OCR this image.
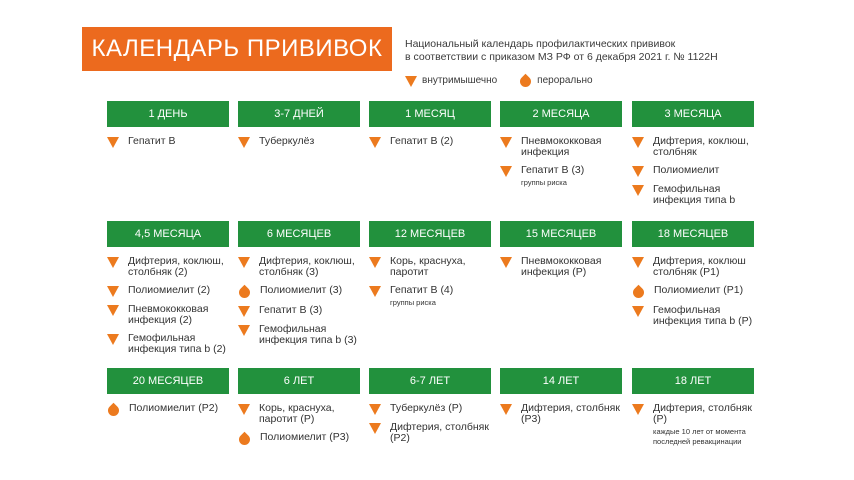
КАЛЕНДАРЬ ПРИВИВОК	Национальный календарь профилактических прививок
в соответствии с приказом МЗ РФ от 6 декабря 2021 г. № 1122Н
внутримышечно	перорально
1 ДЕНЬ
Гепатит В
3-7 ДНЕЙ
Туберкулёз
1 МЕСЯЦ
Гепатит В (2)
2 МЕСЯЦА
Пневмококковая инфекция
Гепатит В (3)
группы риска
3 МЕСЯЦА
Дифтерия, коклюш, столбняк
Полиомиелит
Гемофильная инфекция типа b
4,5 МЕСЯЦА
Дифтерия, коклюш, столбняк (2)
Полиомиелит (2)
Пневмококковая инфекция (2)
Гемофильная инфекция типа b (2)
6 МЕСЯЦЕВ
Дифтерия, коклюш, столбняк (3)
Полиомиелит (3)
Гепатит В (3)
Гемофильная инфекция типа b (3)
12 МЕСЯЦЕВ
Корь, краснуха, паротит
Гепатит В (4)
группы риска
15 МЕСЯЦЕВ
Пневмококковая инфекция (Р)
18 МЕСЯЦЕВ
Дифтерия, коклюш столбняк (Р1)
Полиомиелит (Р1)
Гемофильная инфекция типа b (Р)
20 МЕСЯЦЕВ
Полиомиелит (Р2)
6 ЛЕТ
Корь, краснуха, паротит (Р)
Полиомиелит (Р3)
6-7 ЛЕТ
Туберкулёз (Р)
Дифтерия, столбняк (Р2)
14 ЛЕТ
Дифтерия, столбняк (Р3)
18 ЛЕТ
Дифтерия, столбняк (Р)
каждые 10 лет от момента последней ревакцинации
